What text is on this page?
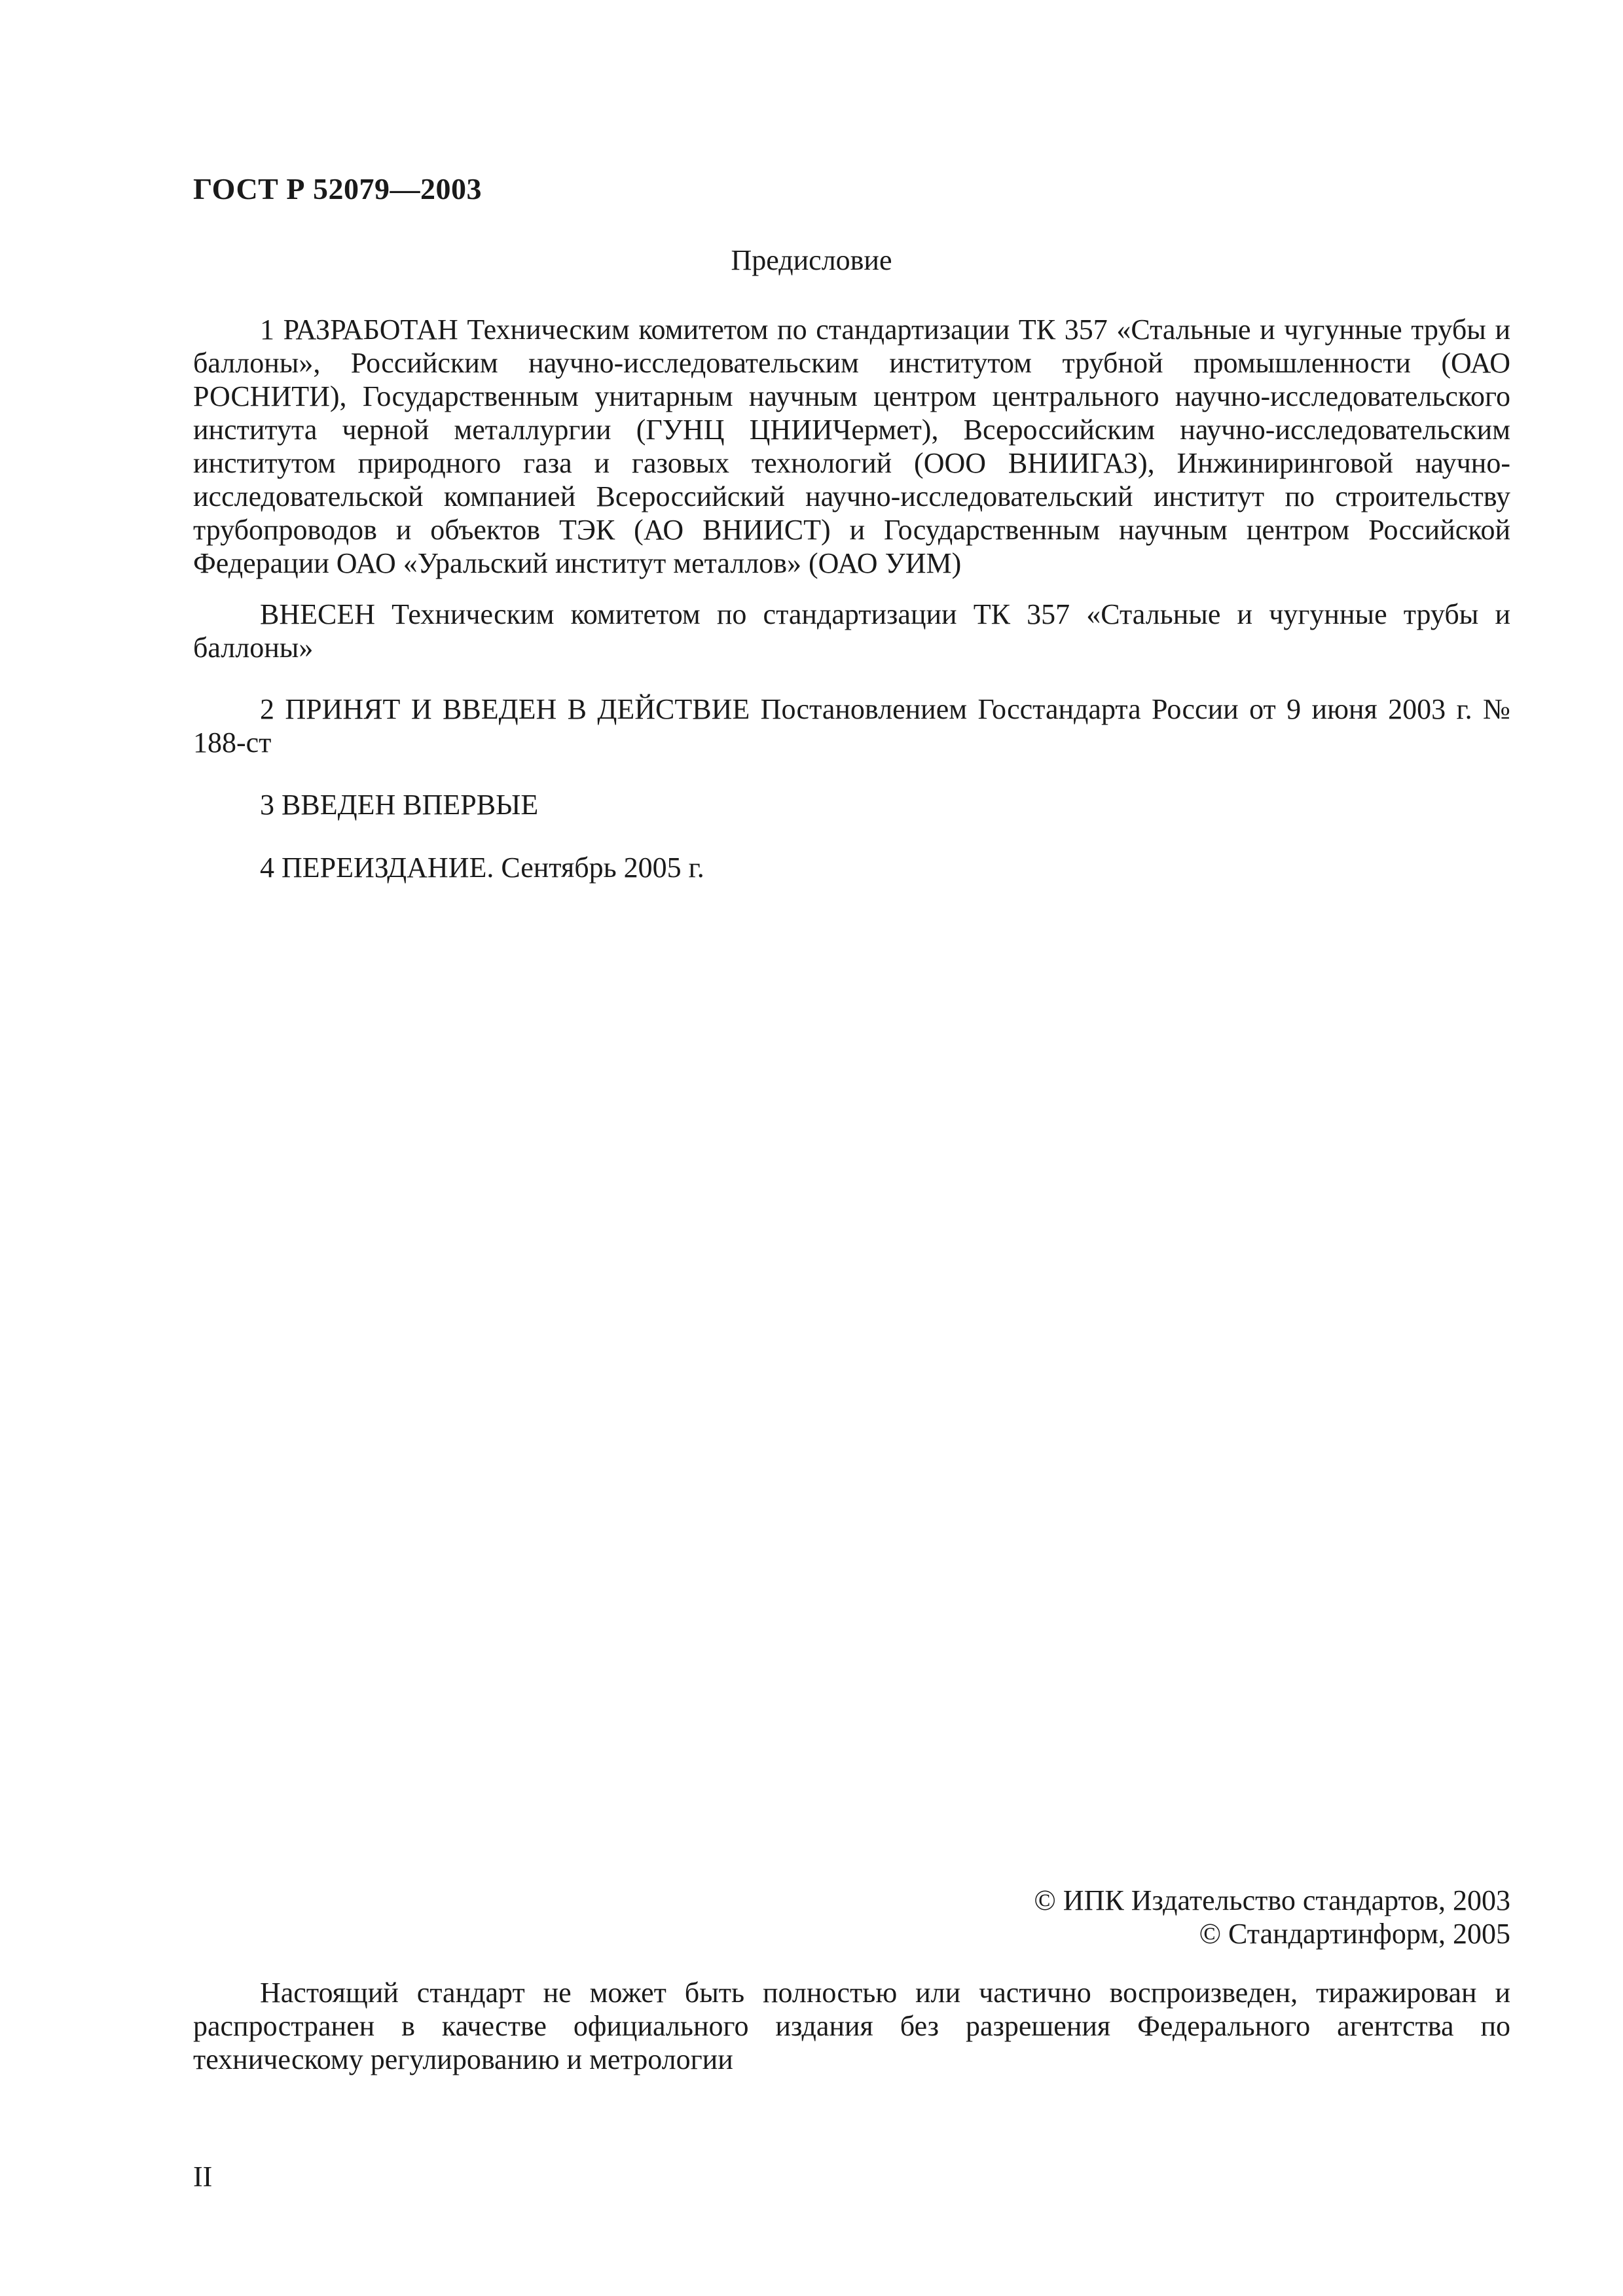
ГОСТ Р 52079—2003

Предисловие

1 РАЗРАБОТАН Техническим комитетом по стандартизации ТК 357 «Стальные и чугунные трубы и баллоны», Российским научно-исследовательским институтом трубной промышленности (ОАО РОСНИТИ), Государственным унитарным научным центром центрального научно-исследовательского института черной металлургии (ГУНЦ ЦНИИЧермет), Всероссийским научно-исследовательским институтом природного газа и газовых технологий (ООО ВНИИГАЗ), Инжиниринговой научно-исследовательской компанией Всероссийский научно-исследовательский институт по строительству трубопроводов и объектов ТЭК (АО ВНИИСТ) и Государственным научным центром Российской Федерации ОАО «Уральский институт металлов» (ОАО УИМ)

ВНЕСЕН Техническим комитетом по стандартизации ТК 357 «Стальные и чугунные трубы и баллоны»

2 ПРИНЯТ И ВВЕДЕН В ДЕЙСТВИЕ Постановлением Госстандарта России от 9 июня 2003 г. № 188-ст

3 ВВЕДЕН ВПЕРВЫЕ

4 ПЕРЕИЗДАНИЕ. Сентябрь 2005 г.

© ИПК Издательство стандартов, 2003
© Стандартинформ, 2005

Настоящий стандарт не может быть полностью или частично воспроизведен, тиражирован и распространен в качестве официального издания без разрешения Федерального агентства по техническому регулированию и метрологии

II
